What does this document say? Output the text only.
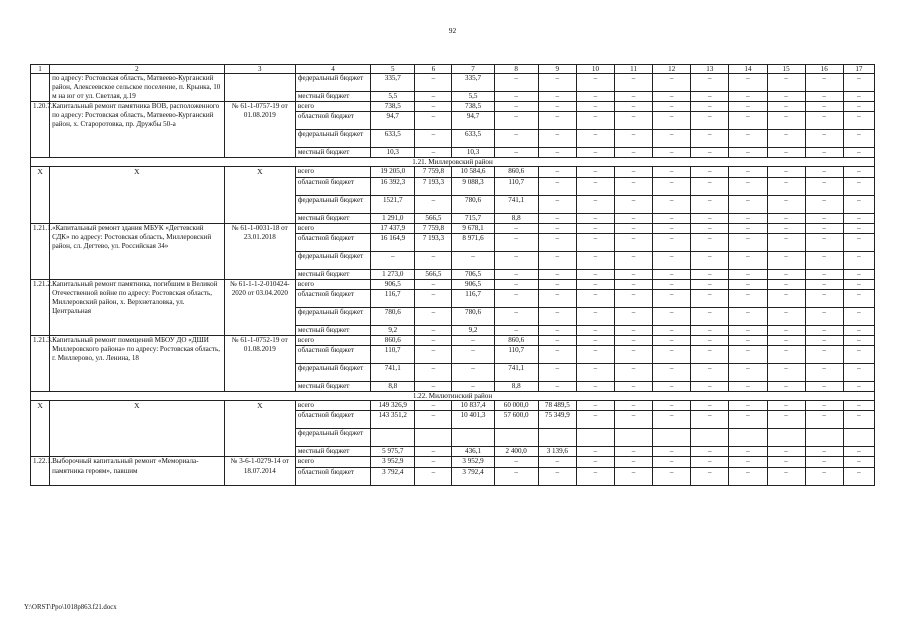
92
1	2	3	4	5	6	7	8	9	10	11	12	13	14	15	16	17
	по адресу: Ростовская область, Матвеево-Курганский район, Алексеевское сельское поселение, п. Крынка, 10 м на юг от ул. Светлая, д.19		федеральный бюджет	335,7	–	335,7	–	–	–	–	–	–	–	–	–	–
			местный бюджет	5,5	–	5,5	–	–	–	–	–	–	–	–	–	–
1.20.7.	Капитальный ремонт памятника ВОВ, расположенного по адресу: Ростовская область, Матвеево-Курганский район, х. Староротовка, пр. Дружбы 50-а	№ 61-1-0757-19 от 01.08.2019	всего	738,5	–	738,5	–	–	–	–	–	–	–	–	–	–
			областной бюджет	94,7	–	94,7	–	–	–	–	–	–	–	–	–	–
			федеральный бюджет	633,5	–	633,5	–	–	–	–	–	–	–	–	–	–
			местный бюджет	10,3	–	10,3	–	–	–	–	–	–	–	–	–	–
1.21. Миллеровский район																
Х	Х	Х	всего	19 205,0	7 759,8	10 584,6	860,6	–	–	–	–	–	–	–	–	–
			областной бюджет	16 392,3	7 193,3	9 088,3	110,7	–	–	–	–	–	–	–	–	–
			федеральный бюджет	1521,7	–	780,6	741,1	–	–	–	–	–	–	–	–	–
			местный бюджет	1 291,0	566,5	715,7	8,8	–	–	–	–	–	–	–	–	–
1.21.1.	«Капитальный ремонт здания МБУК «Дегтевский СДК» по адресу: Ростовская область, Миллеровский район, сл. Дегтево, ул. Российская 34»	№ 61-1-0031-18 от 23.01.2018	всего	17 437,9	7 759,8	9 678,1	–	–	–	–	–	–	–	–	–	–
			областной бюджет	16 164,9	7 193,3	8 971,6	–	–	–	–	–	–	–	–	–	–
			федеральный бюджет	–	–	–	–	–	–	–	–	–	–	–	–	–
			местный бюджет	1 273,0	566,5	706,5	–	–	–	–	–	–	–	–	–	–
1.21.2.	Капитальный ремонт памятника, погибшим в Великой Отечественной войне по адресу: Ростовская область, Миллеровский район, х. Верхнеталовка, ул. Центральная	№ 61-1-1-2-010424-2020 от 03.04.2020	всего	906,5	–	906,5	–	–	–	–	–	–	–	–	–	–
			областной бюджет	116,7	–	116,7	–	–	–	–	–	–	–	–	–	–
			федеральный бюджет	780,6	–	780,6	–	–	–	–	–	–	–	–	–	–
			местный бюджет	9,2	–	9,2	–	–	–	–	–	–	–	–	–	–
1.21.3.	Капитальный ремонт помещений МБОУ ДО «ДШИ Миллеровского района» по адресу: Ростовская область, г. Миллерово, ул. Ленина, 18	№ 61-1-0752-19 от 01.08.2019	всего	860,6	–	–	860,6	–	–	–	–	–	–	–	–	–
			областной бюджет	110,7	–	–	110,7	–	–	–	–	–	–	–	–	–
			федеральный бюджет	741,1	–	–	741,1	–	–	–	–	–	–	–	–	–
			местный бюджет	8,8	–	–	8,8	–	–	–	–	–	–	–	–	–
1.22. Милютинский район																
Х	Х	Х	всего	149 326,9	–	10 837,4	60 000,0	78 489,5	–	–	–	–	–	–	–	–
			областной бюджет	143 351,2	–	10 401,3	57 600,0	75 349,9	–	–	–	–	–	–	–	–
			федеральный бюджет													
			местный бюджет	5 975,7	–	436,1	2 400,0	3 139,6	–	–	–	–	–	–	–	–
1.22.1.	Выборочный капитальный ремонт «Мемориала-памятника героям», павшим	№ 3-6-1-0279-14 от 18.07.2014	всего	3 952,9	–	3 952,9	–	–	–	–	–	–	–	–	–	–
			областной бюджет	3 792,4	–	3 792,4	–	–	–	–	–	–	–	–	–	–
Y:\ORST\Ppo\1018p863.f21.docx
